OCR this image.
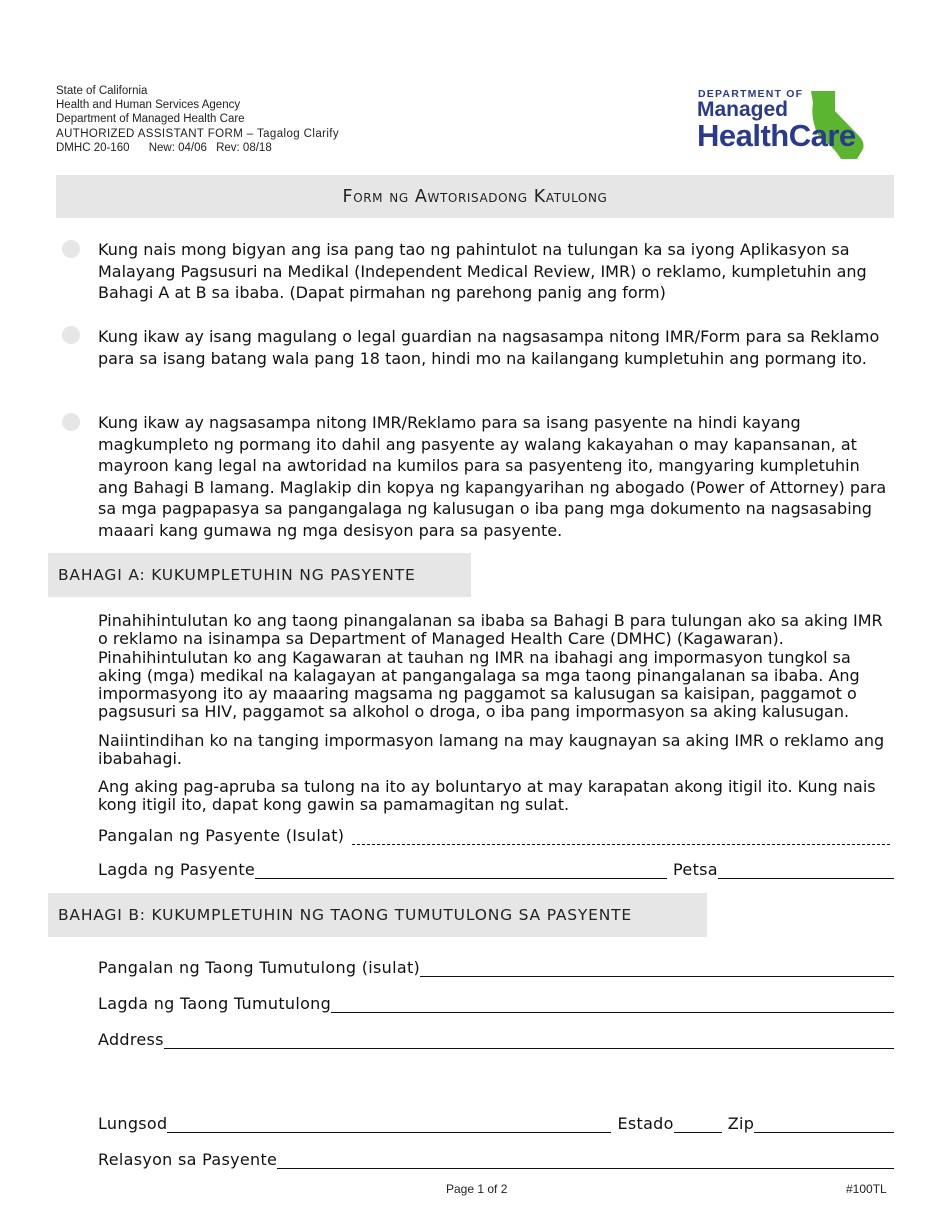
State of California
Health and Human Services Agency
Department of Managed Health Care
AUTHORIZED ASSISTANT FORM – Tagalog Clarify
DMHC 20-160 New: 04/06 Rev: 08/18
DEPARTMENT OF
Managed
HealthCare
Form ng Awtorisadong Katulong
Kung nais mong bigyan ang isa pang tao ng pahintulot na tulungan ka sa iyong Aplikasyon sa Malayang Pagsusuri na Medikal (Independent Medical Review, IMR) o reklamo, kumpletuhin ang Bahagi A at B sa ibaba. (Dapat pirmahan ng parehong panig ang form)
Kung ikaw ay isang magulang o legal guardian na nagsasampa nitong IMR/Form para sa Reklamo para sa isang batang wala pang 18 taon, hindi mo na kailangang kumpletuhin ang pormang ito.
Kung ikaw ay nagsasampa nitong IMR/Reklamo para sa isang pasyente na hindi kayang magkumpleto ng pormang ito dahil ang pasyente ay walang kakayahan o may kapansanan, at mayroon kang legal na awtoridad na kumilos para sa pasyenteng ito, mangyaring kumpletuhin ang Bahagi B lamang. Maglakip din kopya ng kapangyarihan ng abogado (Power of Attorney) para sa mga pagpapasya sa pangangalaga ng kalusugan o iba pang mga dokumento na nagsasabing maaari kang gumawa ng mga desisyon para sa pasyente.
BAHAGI A: KUKUMPLETUHIN NG PASYENTE
Pinahihintulutan ko ang taong pinangalanan sa ibaba sa Bahagi B para tulungan ako sa aking IMR o reklamo na isinampa sa Department of Managed Health Care (DMHC) (Kagawaran). Pinahihintulutan ko ang Kagawaran at tauhan ng IMR na ibahagi ang impormasyon tungkol sa aking (mga) medikal na kalagayan at pangangalaga sa mga taong pinangalanan sa ibaba. Ang impormasyong ito ay maaaring magsama ng paggamot sa kalusugan sa kaisipan, paggamot o pagsusuri sa HIV, paggamot sa alkohol o droga, o iba pang impormasyon sa aking kalusugan.
Naiintindihan ko na tanging impormasyon lamang na may kaugnayan sa aking IMR o reklamo ang ibabahagi.
Ang aking pag-apruba sa tulong na ito ay boluntaryo at may karapatan akong itigil ito. Kung nais kong itigil ito, dapat kong gawin sa pamamagitan ng sulat.
Pangalan ng Pasyente (Isulat)
Lagda ng Pasyente	Petsa
BAHAGI B: KUKUMPLETUHIN NG TAONG TUMUTULONG SA PASYENTE
Pangalan ng Taong Tumutulong (isulat)
Lagda ng Taong Tumutulong
Address
Lungsod	Estado	Zip
Relasyon sa Pasyente
Page 1 of 2	#100TL
